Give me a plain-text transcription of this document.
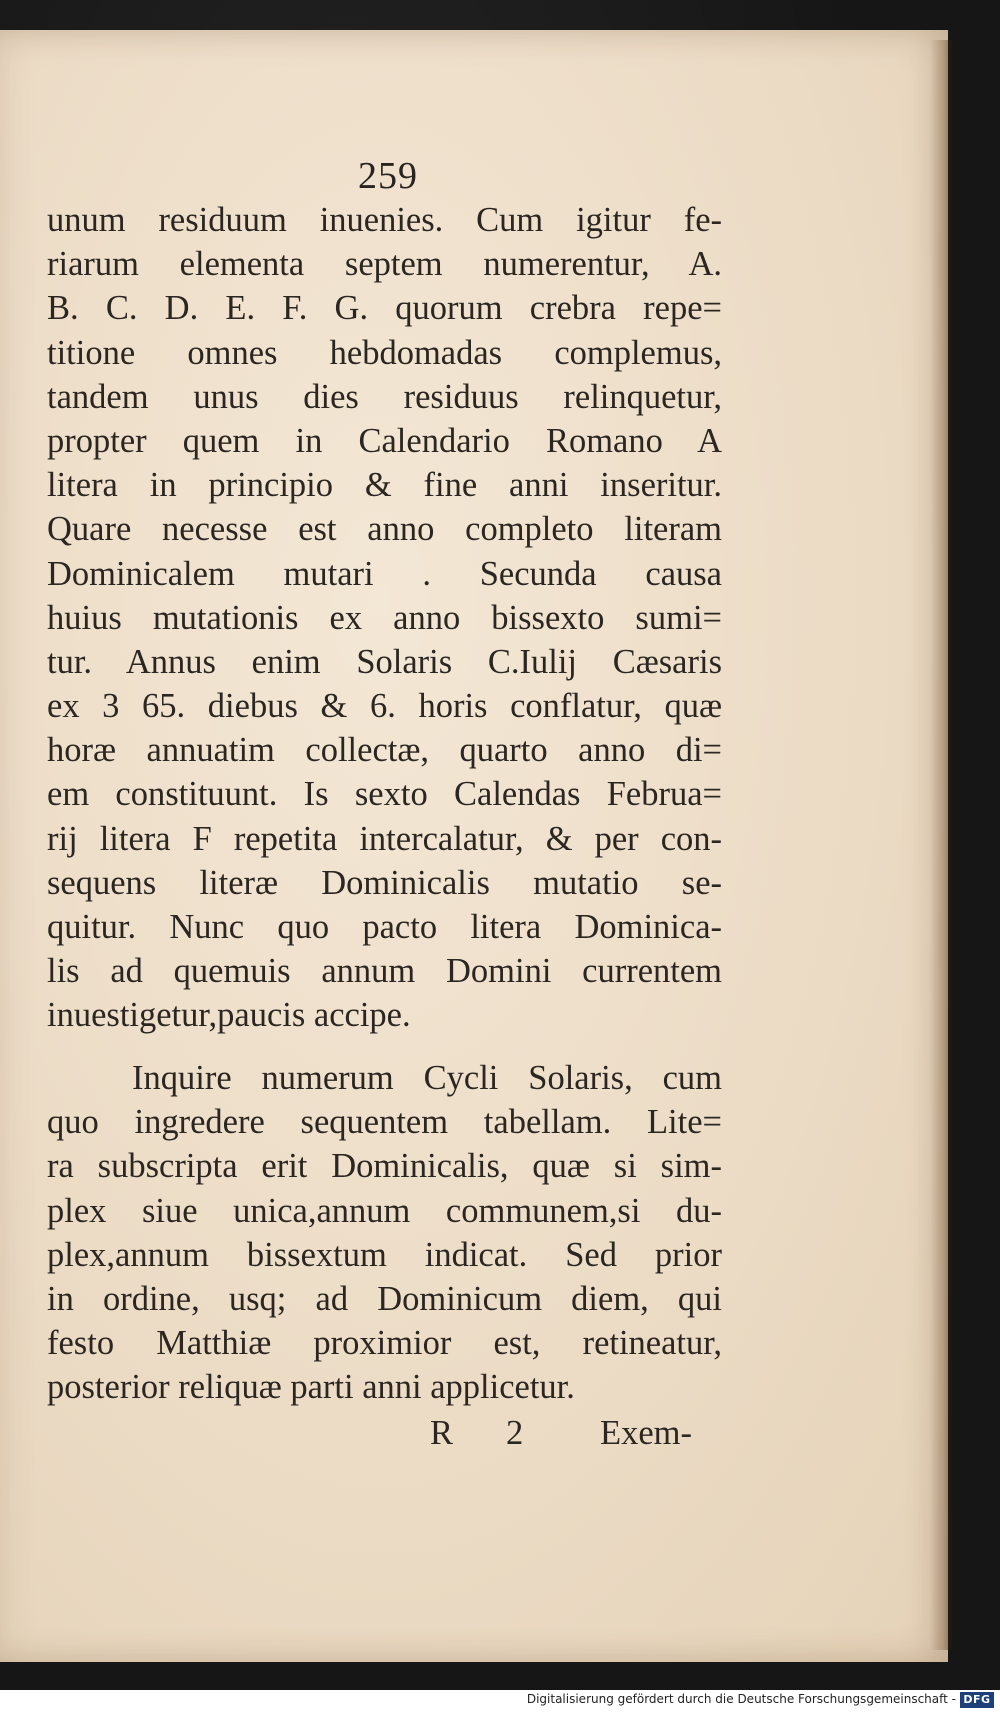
259
unum residuum inuenies. Cum igitur fe-
riarum elementa septem numerentur, A.
B. C. D. E. F. G. quorum crebra repe=
titione omnes hebdomadas complemus,
tandem unus dies residuus relinquetur,
propter quem in Calendario Romano A
litera in principio & fine anni inseritur.
Quare necesse est anno completo literam
Dominicalem mutari . Secunda causa
huius mutationis ex anno bissexto sumi=
tur. Annus enim Solaris C.Iulij Cæsaris
ex 3 65. diebus & 6. horis conflatur, quæ
horæ annuatim collectæ, quarto anno di=
em constituunt. Is sexto Calendas Februa=
rij litera F repetita intercalatur, & per con-
sequens literæ Dominicalis mutatio se-
quitur. Nunc quo pacto litera Dominica-
lis ad quemuis annum Domini currentem
inuestigetur,paucis accipe.
Inquire numerum Cycli Solaris, cum
quo ingredere sequentem tabellam. Lite=
ra subscripta erit Dominicalis, quæ si sim-
plex siue unica,annum communem,si du-
plex,annum bissextum indicat. Sed prior
in ordine, usq; ad Dominicum diem, qui
festo Matthiæ proximior est, retineatur,
posterior reliquæ parti anni applicetur.
R 2 Exem-
Digitalisierung gefördert durch die Deutsche Forschungsgemeinschaft - DFG
